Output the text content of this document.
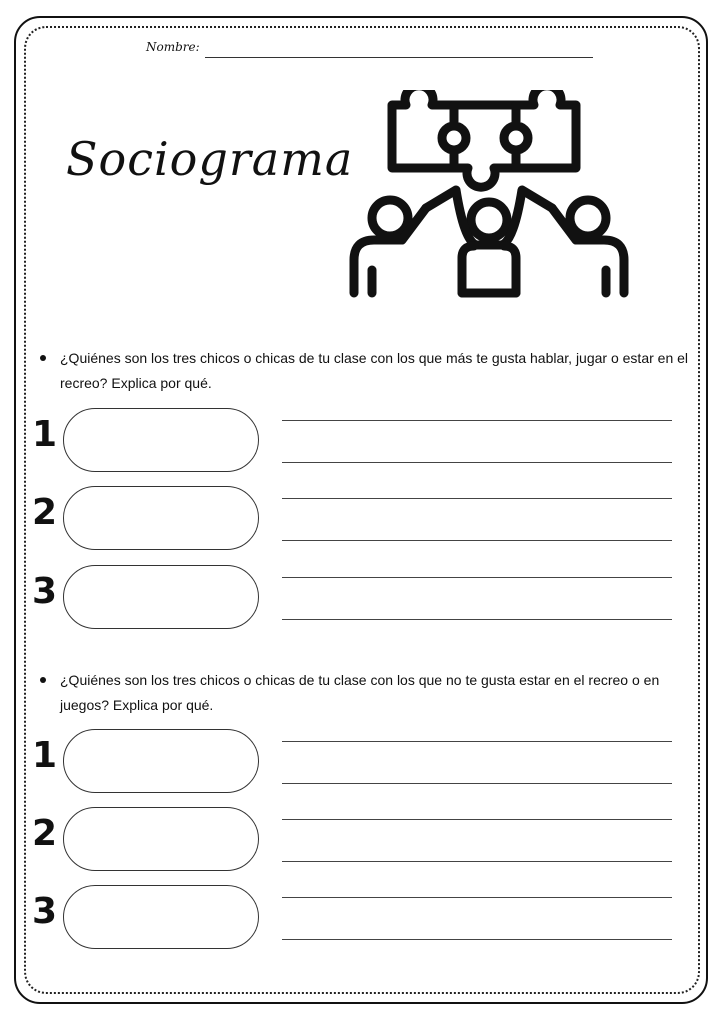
Nombre:
Sociograma
¿Quiénes son los tres chicos o chicas de tu clase con los que más te gusta hablar, jugar o estar en el recreo? Explica por qué.
1
2
3
¿Quiénes son los tres chicos o chicas de tu clase con los que no te gusta estar en el recreo o en juegos? Explica por qué.
1
2
3
